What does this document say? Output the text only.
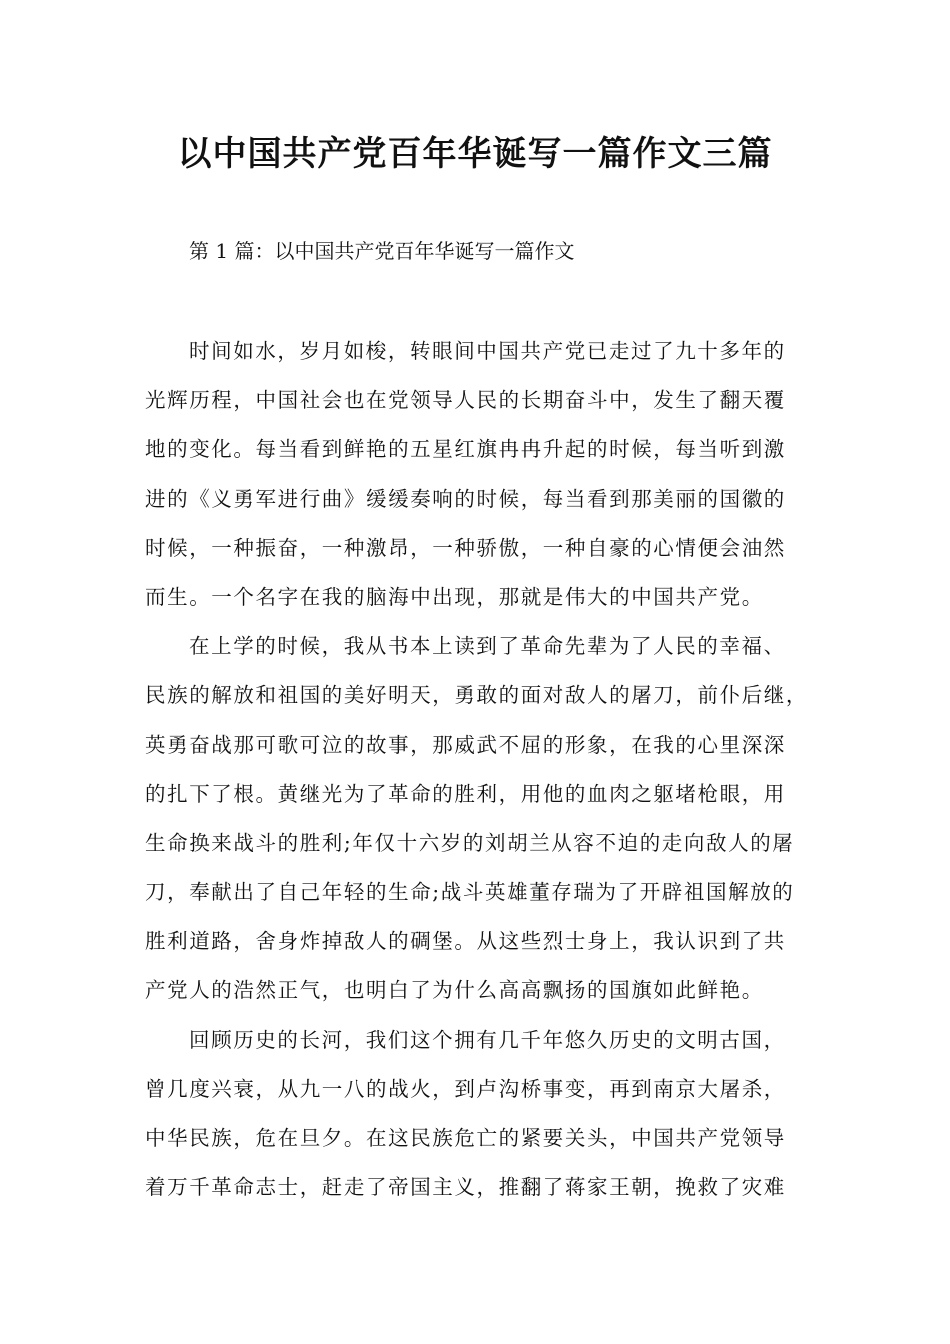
以中国共产党百年华诞写一篇作文三篇

第 1 篇：以中国共产党百年华诞写一篇作文

时间如水，岁月如梭，转眼间中国共产党已走过了九十多年的
光辉历程，中国社会也在党领导人民的长期奋斗中，发生了翻天覆
地的变化。每当看到鲜艳的五星红旗冉冉升起的时候，每当听到激
进的《义勇军进行曲》缓缓奏响的时候，每当看到那美丽的国徽的
时候，一种振奋，一种激昂，一种骄傲，一种自豪的心情便会油然
而生。一个名字在我的脑海中出现，那就是伟大的中国共产党。
在上学的时候，我从书本上读到了革命先辈为了人民的幸福、
民族的解放和祖国的美好明天，勇敢的面对敌人的屠刀，前仆后继，
英勇奋战那可歌可泣的故事，那威武不屈的形象，在我的心里深深
的扎下了根。黄继光为了革命的胜利，用他的血肉之躯堵枪眼，用
生命换来战斗的胜利;年仅十六岁的刘胡兰从容不迫的走向敌人的屠
刀，奉献出了自己年轻的生命;战斗英雄董存瑞为了开辟祖国解放的
胜利道路，舍身炸掉敌人的碉堡。从这些烈士身上，我认识到了共
产党人的浩然正气，也明白了为什么高高飘扬的国旗如此鲜艳。
回顾历史的长河，我们这个拥有几千年悠久历史的文明古国，
曾几度兴衰，从九一八的战火，到卢沟桥事变，再到南京大屠杀，
中华民族，危在旦夕。在这民族危亡的紧要关头，中国共产党领导
着万千革命志士，赶走了帝国主义，推翻了蒋家王朝，挽救了灾难
